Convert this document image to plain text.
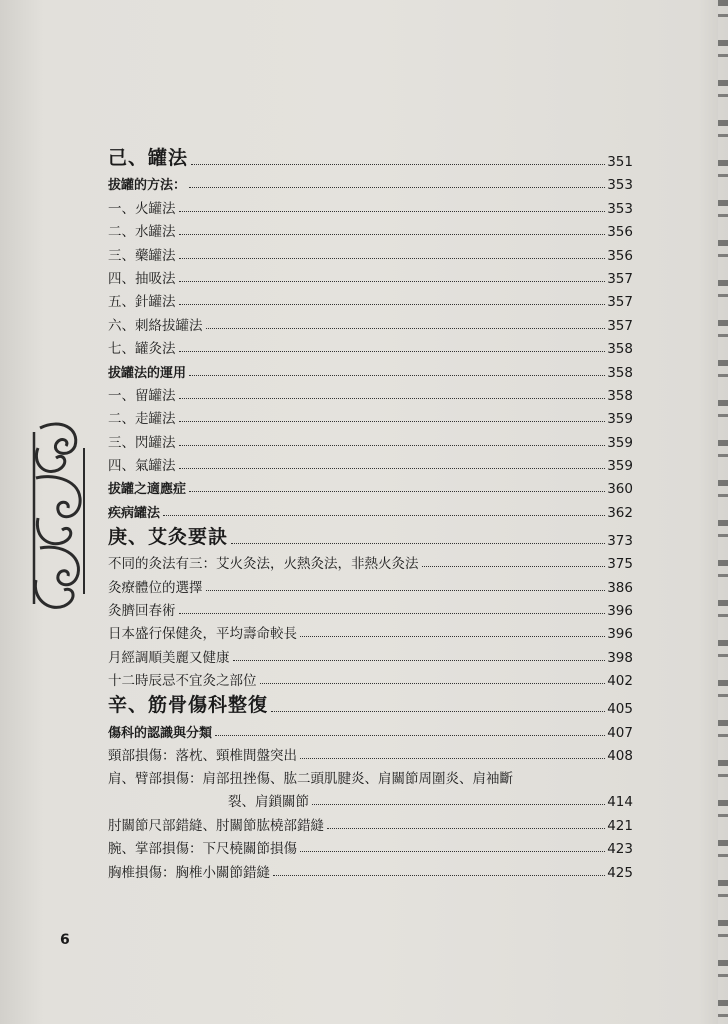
己、罐法	351
拔罐的方法：	353
一、火罐法	353
二、水罐法	356
三、藥罐法	356
四、抽吸法	357
五、針罐法	357
六、刺絡拔罐法	357
七、罐灸法	358
拔罐法的運用	358
一、留罐法	358
二、走罐法	359
三、閃罐法	359
四、氣罐法	359
拔罐之適應症	360
疾病罐法	362
庚、艾灸要訣	373
不同的灸法有三：艾火灸法，火熱灸法，非熱火灸法	375
灸療體位的選擇	386
灸臍回春術	396
日本盛行保健灸，平均壽命較長	396
月經調順美麗又健康	398
十二時辰忌不宜灸之部位	402
辛、筋骨傷科整復	405
傷科的認識與分類	407
頸部損傷：落枕、頸椎間盤突出	408
肩、臂部損傷：肩部扭挫傷、肱二頭肌腱炎、肩關節周圍炎、肩袖斷
裂、肩鎖關節	414
肘關節尺部錯縫、肘關節肱橈部錯縫	421
腕、掌部損傷：下尺橈關節損傷	423
胸椎損傷：胸椎小關節錯縫	425
6
